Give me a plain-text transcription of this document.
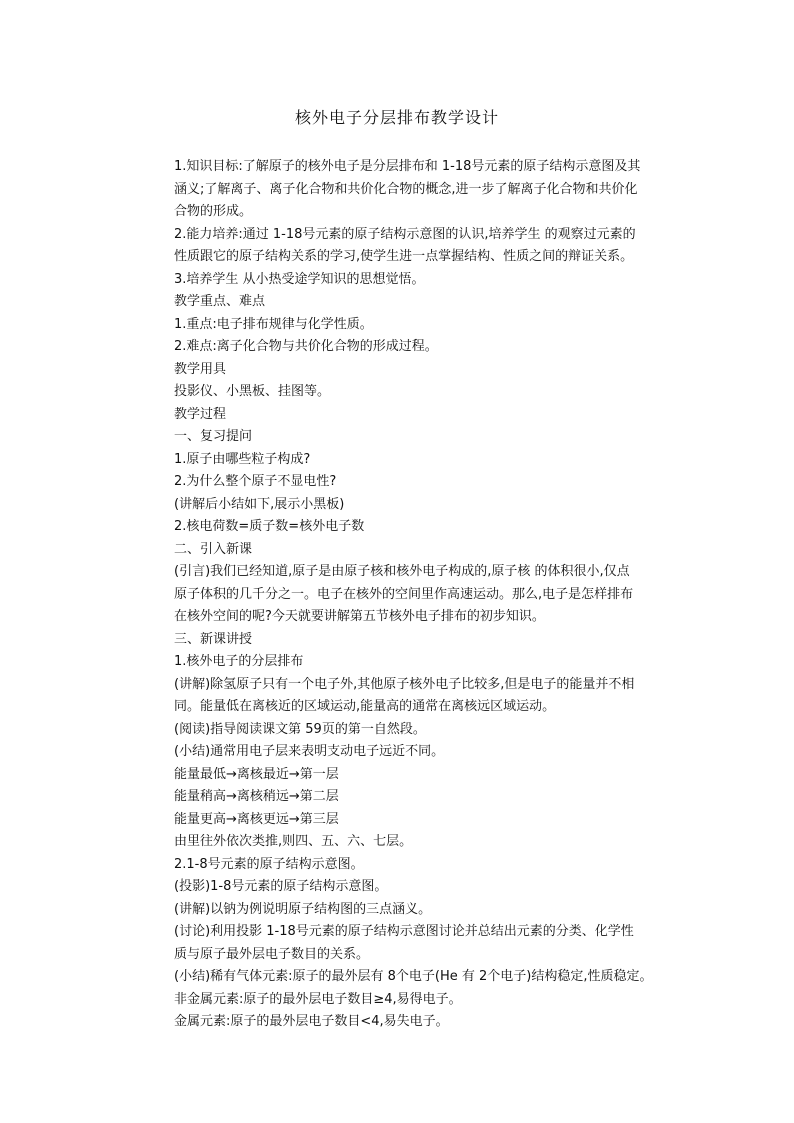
核外电子分层排布教学设计
1.知识目标:了解原子的核外电子是分层排布和 1-18号元素的原子结构示意图及其
涵义;了解离子、离子化合物和共价化合物的概念,进一步了解离子化合物和共价化
合物的形成。
2.能力培养:通过 1-18号元素的原子结构示意图的认识,培养学生 的观察过元素的
性质跟它的原子结构关系的学习,使学生进一点掌握结构、性质之间的辩证关系。
3.培养学生 从小热受途学知识的思想觉悟。
教学重点、难点
1.重点:电子排布规律与化学性质。
2.难点:离子化合物与共价化合物的形成过程。
教学用具
投影仪、小黑板、挂图等。
教学过程
一、复习提问
1.原子由哪些粒子构成?
2.为什么整个原子不显电性?
(讲解后小结如下,展示小黑板)
2.核电荷数=质子数=核外电子数
二、引入新课
(引言)我们已经知道,原子是由原子核和核外电子构成的,原子核 的体积很小,仅点
原子体积的几千分之一。电子在核外的空间里作高速运动。那么,电子是怎样排布
在核外空间的呢?今天就要讲解第五节核外电子排布的初步知识。
三、新课讲授
1.核外电子的分层排布
(讲解)除氢原子只有一个电子外,其他原子核外电子比较多,但是电子的能量并不相
同。能量低在离核近的区域运动,能量高的通常在离核远区域运动。
(阅读)指导阅读课文第 59页的第一自然段。
(小结)通常用电子层来表明支动电子远近不同。
能量最低→离核最近→第一层
能量稍高→离核稍远→第二层
能量更高→离核更远→第三层
由里往外依次类推,则四、五、六、七层。
2.1-8号元素的原子结构示意图。
(投影)1-8号元素的原子结构示意图。
(讲解)以钠为例说明原子结构图的三点涵义。
(讨论)利用投影 1-18号元素的原子结构示意图讨论并总结出元素的分类、化学性
质与原子最外层电子数目的关系。
(小结)稀有气体元素:原子的最外层有 8个电子(He 有 2个电子)结构稳定,性质稳定。
非金属元素:原子的最外层电子数目≥4,易得电子。
金属元素:原子的最外层电子数目<4,易失电子。
